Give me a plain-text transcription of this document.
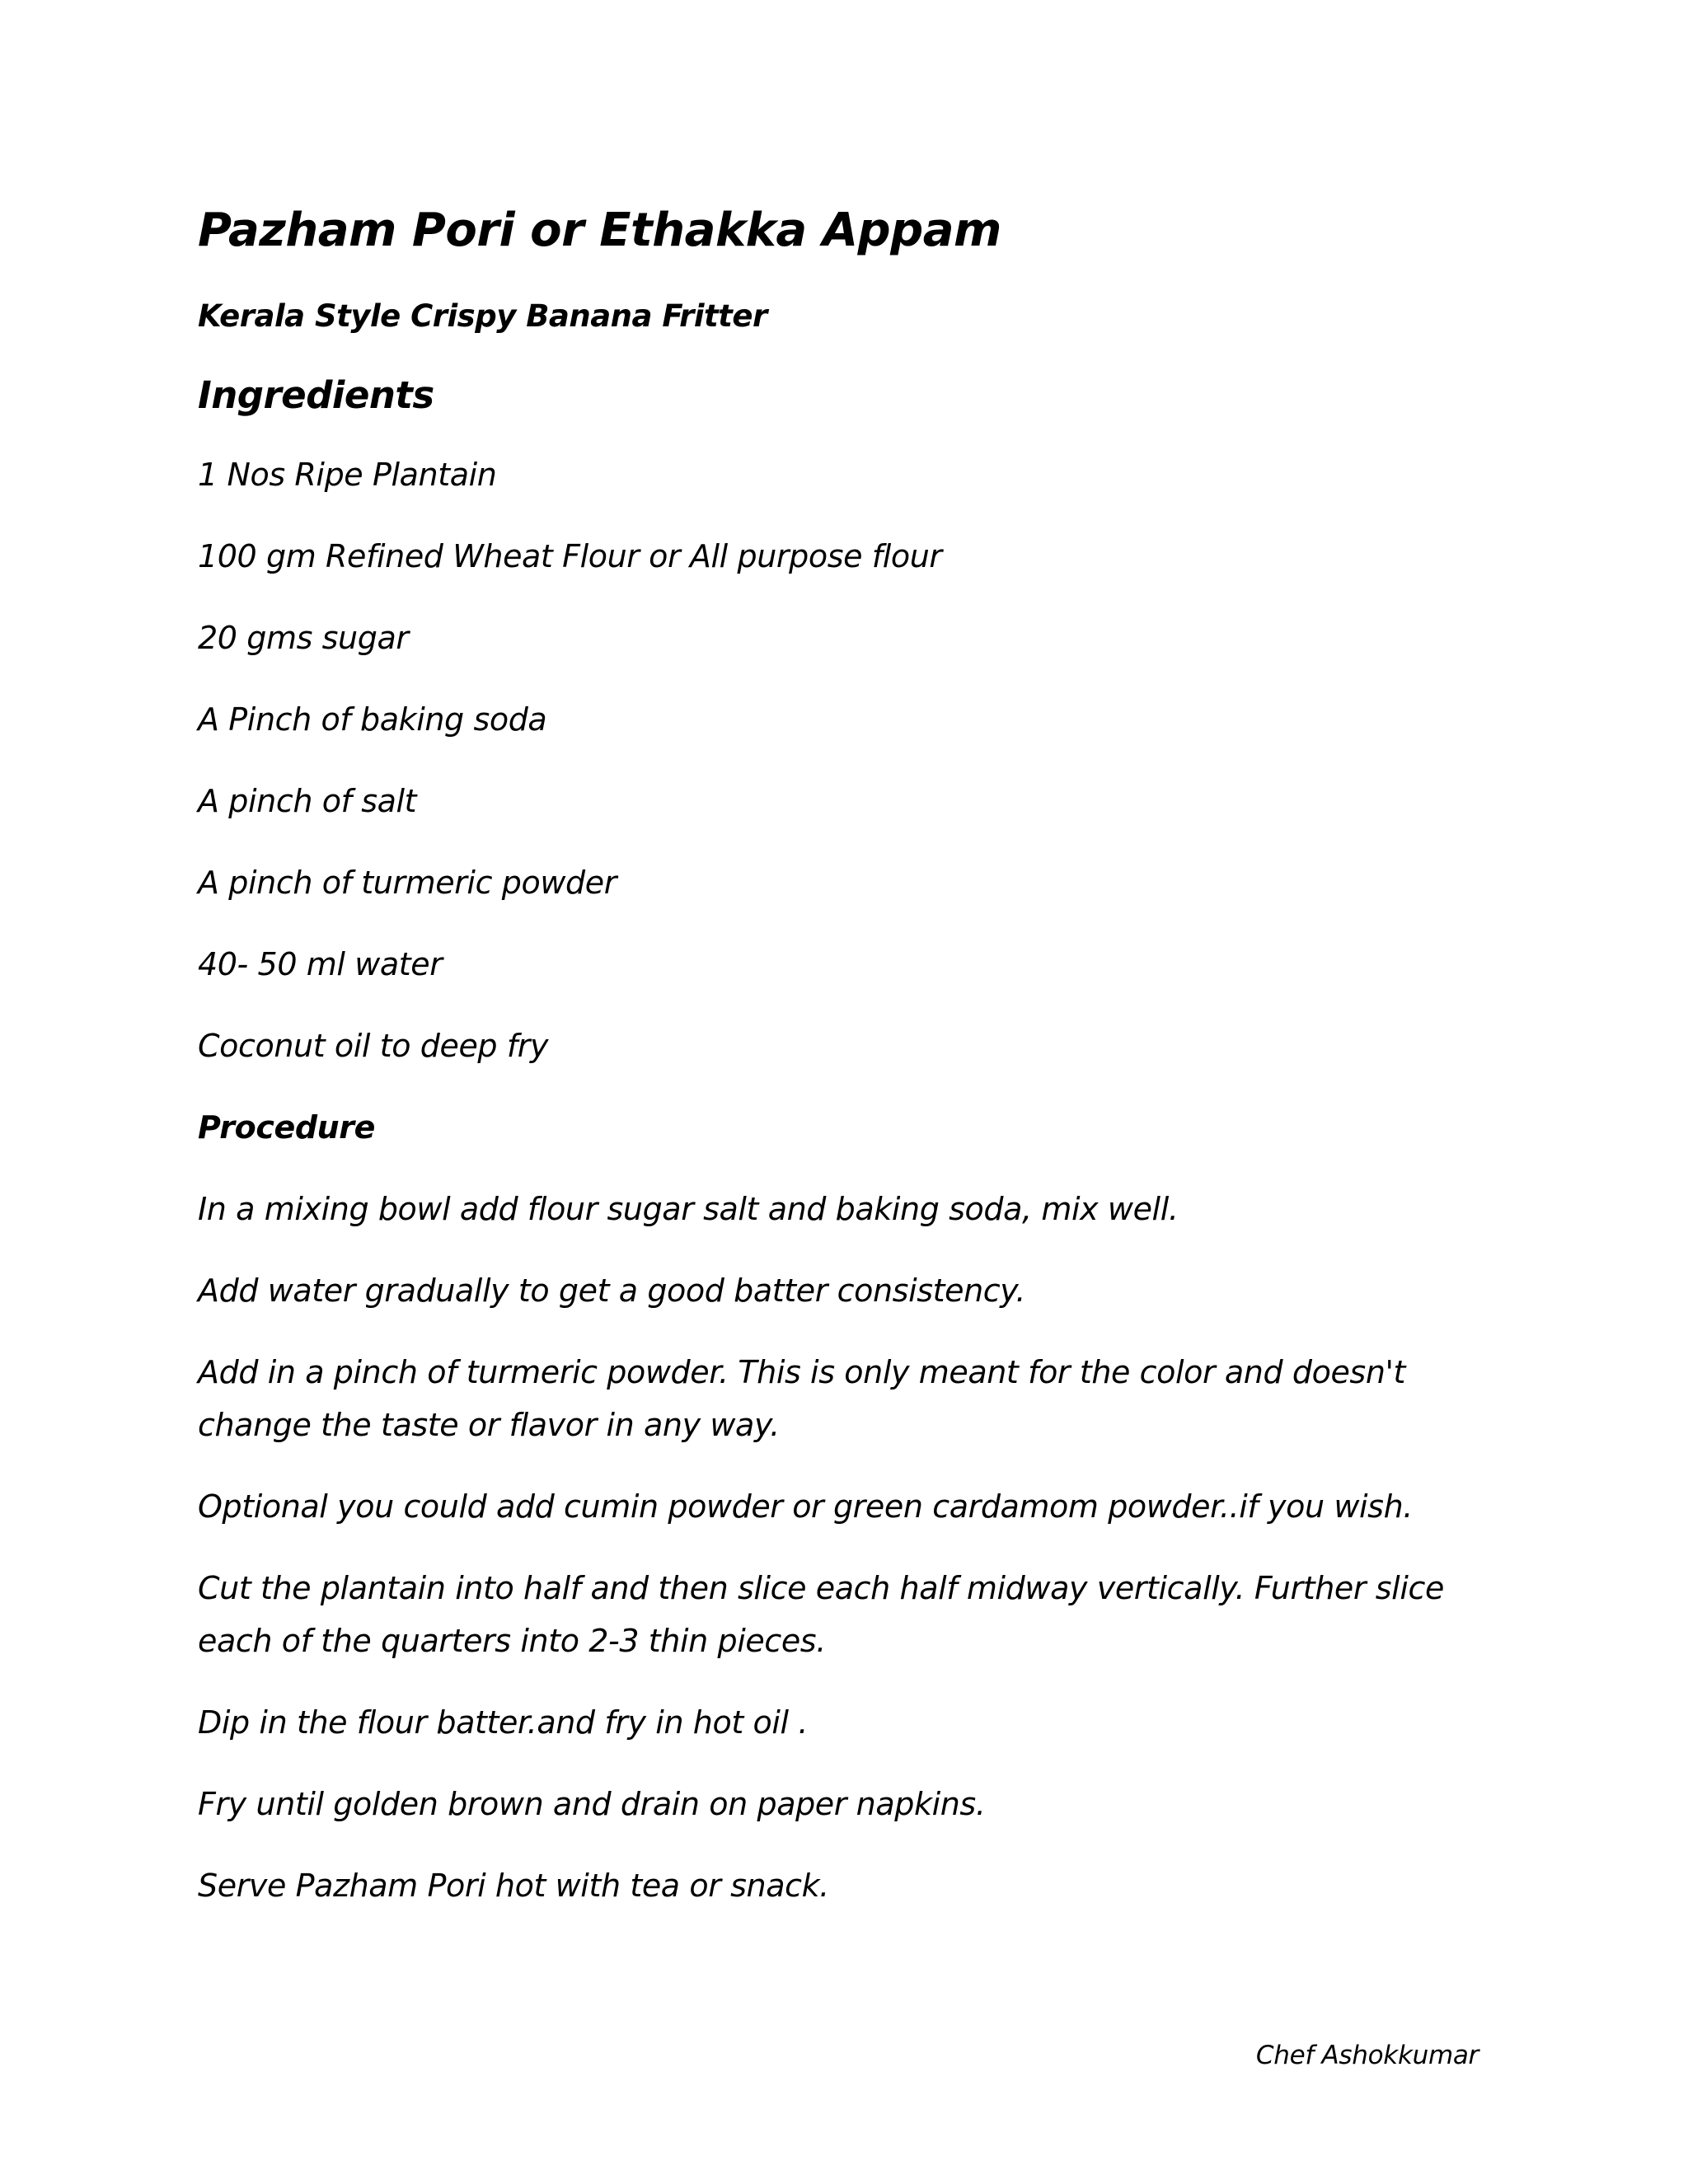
Pazham Pori or Ethakka Appam
Kerala Style Crispy Banana Fritter
Ingredients
1 Nos Ripe Plantain
100 gm Refined Wheat Flour or All purpose flour
20 gms sugar
A Pinch of baking soda
A pinch of salt
A pinch of turmeric powder
40- 50 ml water
Coconut oil to deep fry
Procedure
In a mixing bowl add flour sugar salt and baking soda, mix well.
Add water gradually to get a good batter consistency.
Add in a pinch of turmeric powder. This is only meant for the color and doesn't change the taste or flavor in any way.
Optional you could add cumin powder or green cardamom powder..if you wish.
Cut the plantain into half and then slice each half midway vertically. Further slice each of the quarters into 2-3 thin pieces.
Dip in the flour batter.and fry in hot oil .
Fry until golden brown and drain on paper napkins.
Serve Pazham Pori hot with tea or snack.
Chef Ashokkumar
